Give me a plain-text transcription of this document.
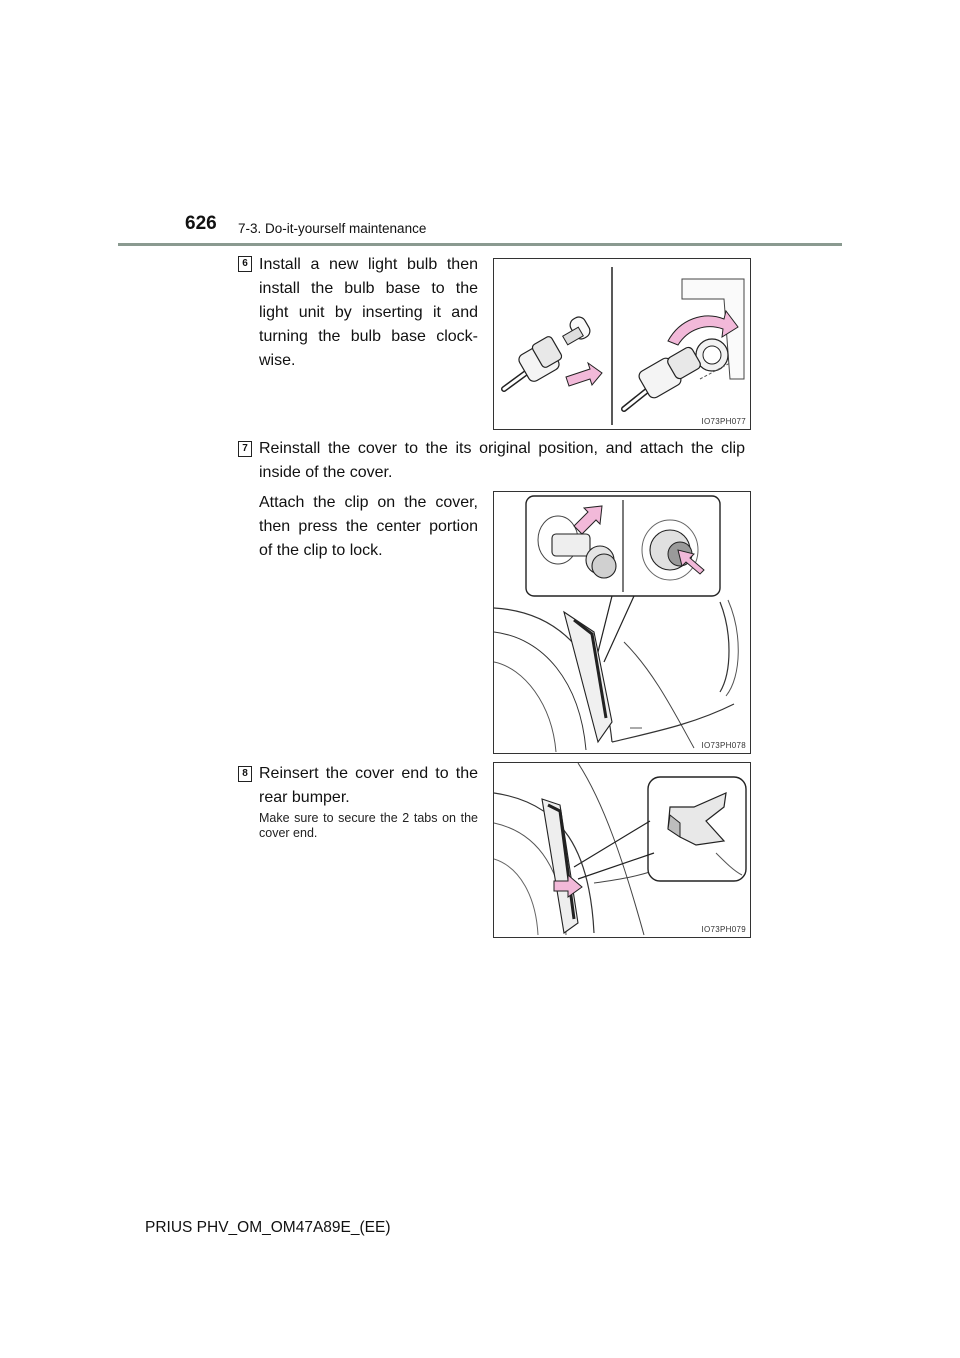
626 7-3. Do-it-yourself maintenance
6 Install a new light bulb then install the bulb base to the light unit by inserting it and turning the bulb base clock-wise.
IO73PH077
7 Reinstall the cover to the its original position, and attach the clip inside of the cover.
Attach the clip on the cover, then press the center portion of the clip to lock.
IO73PH078
8 Reinsert the cover end to the rear bumper.
Make sure to secure the 2 tabs on the cover end.
IO73PH079
PRIUS PHV_OM_OM47A89E_(EE)
